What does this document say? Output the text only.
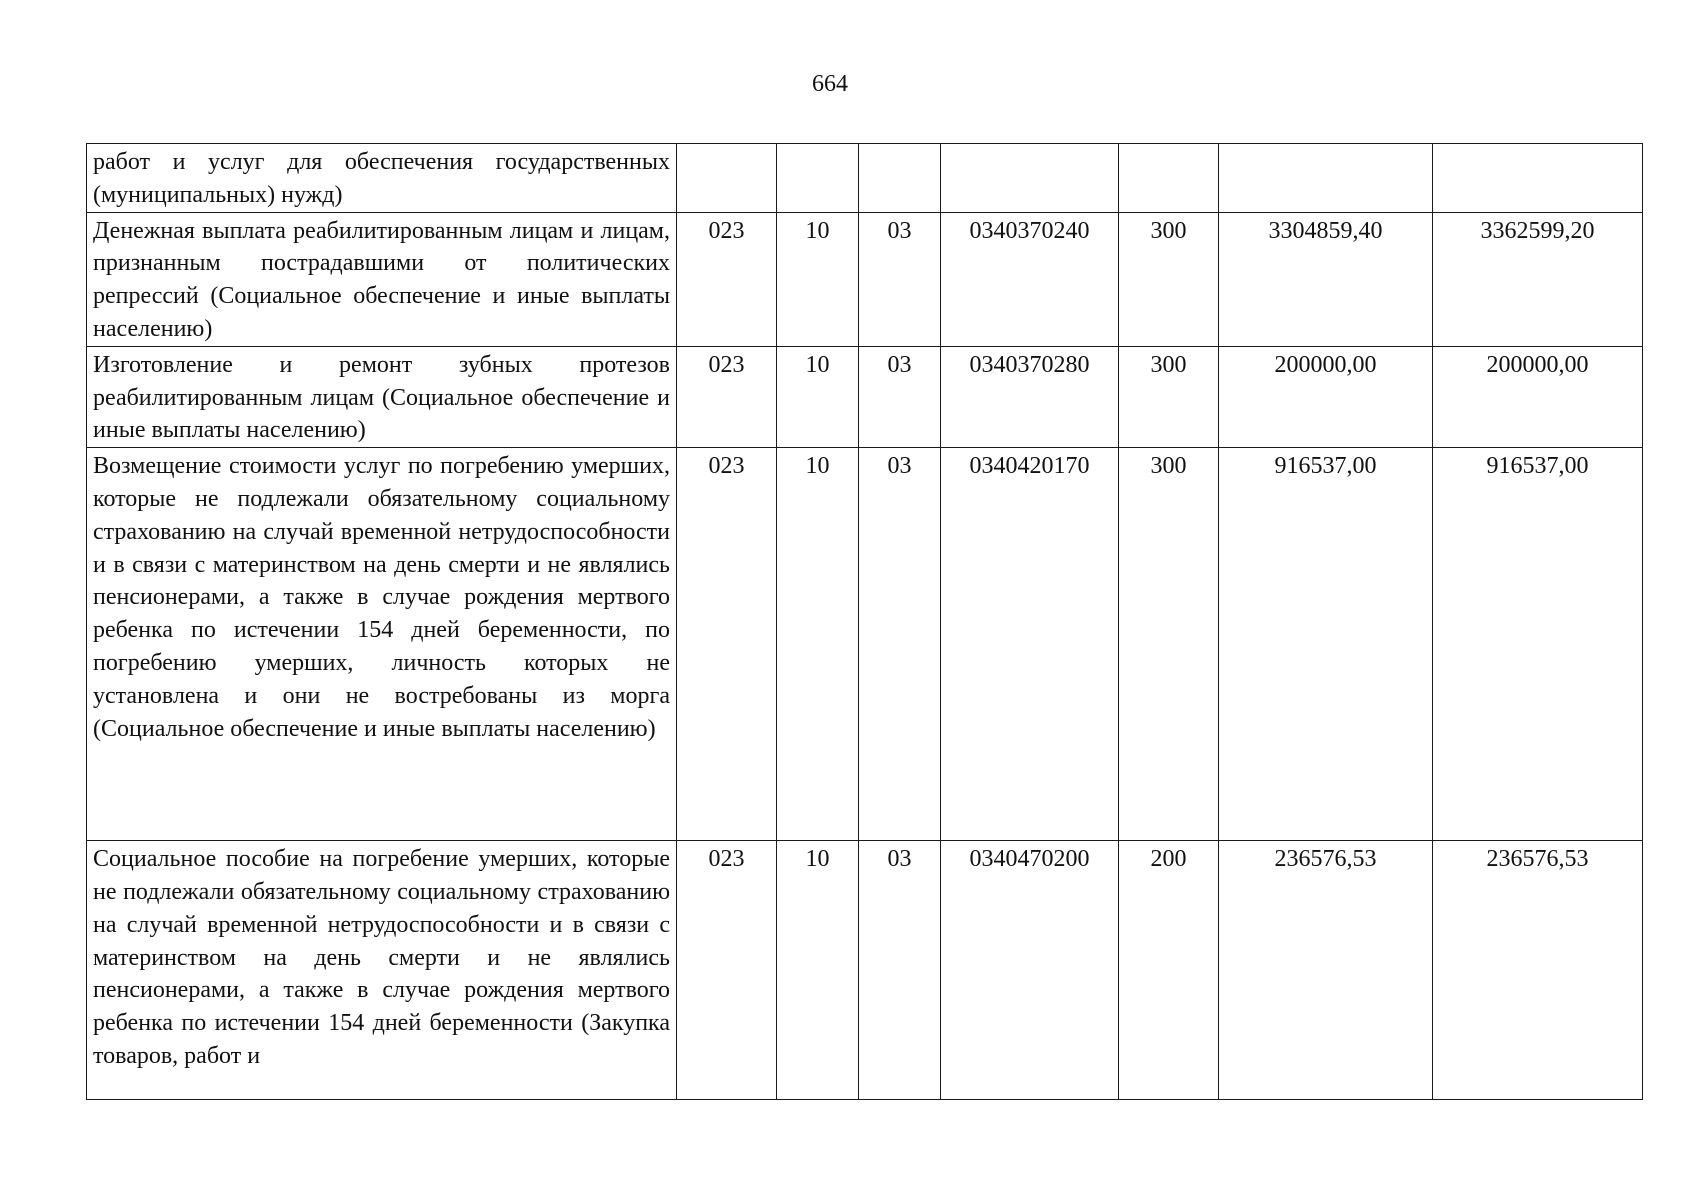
664
работ и услуг для обеспечения государственных (муниципальных) нужд)							
Денежная выплата реабилитированным лицам и лицам, признанным пострадавшими от политических репрессий (Социальное обеспечение и иные выплаты населению)	023	10	03	0340370240	300	3304859,40	3362599,20
Изготовление и ремонт зубных протезов реабилитированным лицам (Социальное обеспечение и иные выплаты населению)	023	10	03	0340370280	300	200000,00	200000,00
Возмещение стоимости услуг по погребению умерших, которые не подлежали обязательному социальному страхованию на случай временной нетрудоспособности и в связи с материнством на день смерти и не являлись пенсионерами, а также в случае рождения мертвого ребенка по истечении 154 дней беременности, по погребению умерших, личность которых не установлена и они не востребованы из морга (Социальное обеспечение и иные выплаты населению)	023	10	03	0340420170	300	916537,00	916537,00
Социальное пособие на погребение умерших, которые не подлежали обязательному социальному страхованию на случай временной нетрудоспособности и в связи с материнством на день смерти и не являлись пенсионерами, а также в случае рождения мертвого ребенка по истечении 154 дней беременности (Закупка товаров, работ и	023	10	03	0340470200	200	236576,53	236576,53
